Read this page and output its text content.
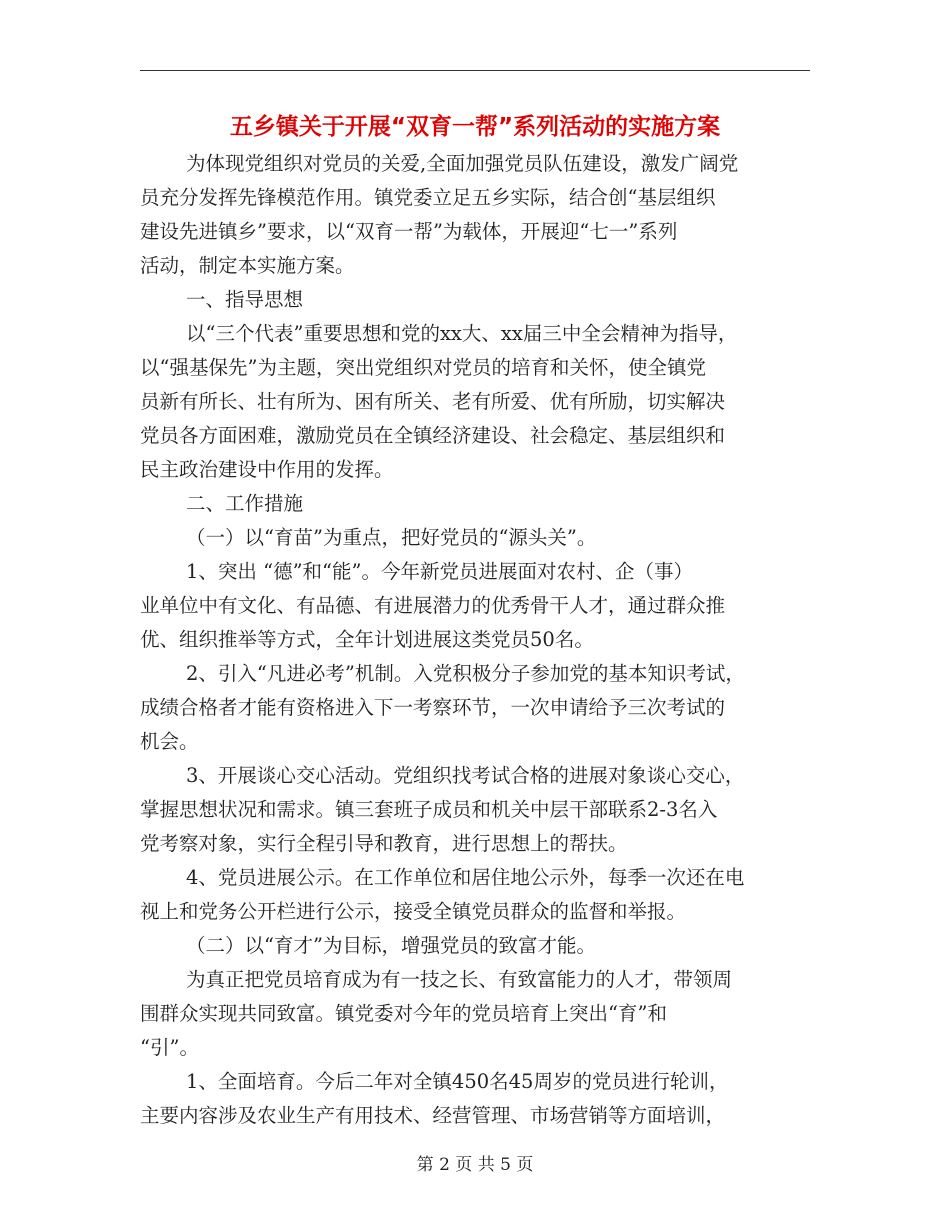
五乡镇关于开展“双育一帮”系列活动的实施方案

为体现党组织对党员的关爱,全面加强党员队伍建设，激发广阔党

员充分发挥先锋模范作用。镇党委立足五乡实际，结合创“基层组织

建设先进镇乡”要求，以“双育一帮”为载体，开展迎“七一”系列

活动，制定本实施方案。

一、指导思想

以“三个代表”重要思想和党的xx大、xx届三中全会精神为指导，

以“强基保先”为主题，突出党组织对党员的培育和关怀，使全镇党

员新有所长、壮有所为、困有所关、老有所爱、优有所励，切实解决

党员各方面困难，激励党员在全镇经济建设、社会稳定、基层组织和

民主政治建设中作用的发挥。

二、工作措施

（一）以“育苗”为重点，把好党员的“源头关”。

1、突出 “德”和“能”。今年新党员进展面对农村、企（事）

业单位中有文化、有品德、有进展潜力的优秀骨干人才，通过群众推

优、组织推举等方式，全年计划进展这类党员50名。

2、引入“凡进必考”机制。入党积极分子参加党的基本知识考试，

成绩合格者才能有资格进入下一考察环节，一次申请给予三次考试的

机会。

3、开展谈心交心活动。党组织找考试合格的进展对象谈心交心，

掌握思想状况和需求。镇三套班子成员和机关中层干部联系2-3名入

党考察对象，实行全程引导和教育，进行思想上的帮扶。

4、党员进展公示。在工作单位和居住地公示外，每季一次还在电

视上和党务公开栏进行公示，接受全镇党员群众的监督和举报。

（二）以“育才”为目标，增强党员的致富才能。

为真正把党员培育成为有一技之长、有致富能力的人才，带领周

围群众实现共同致富。镇党委对今年的党员培育上突出“育”和

“引”。

1、全面培育。今后二年对全镇450名45周岁的党员进行轮训，

主要内容涉及农业生产有用技术、经营管理、市场营销等方面培训，

第 2 页 共 5 页
